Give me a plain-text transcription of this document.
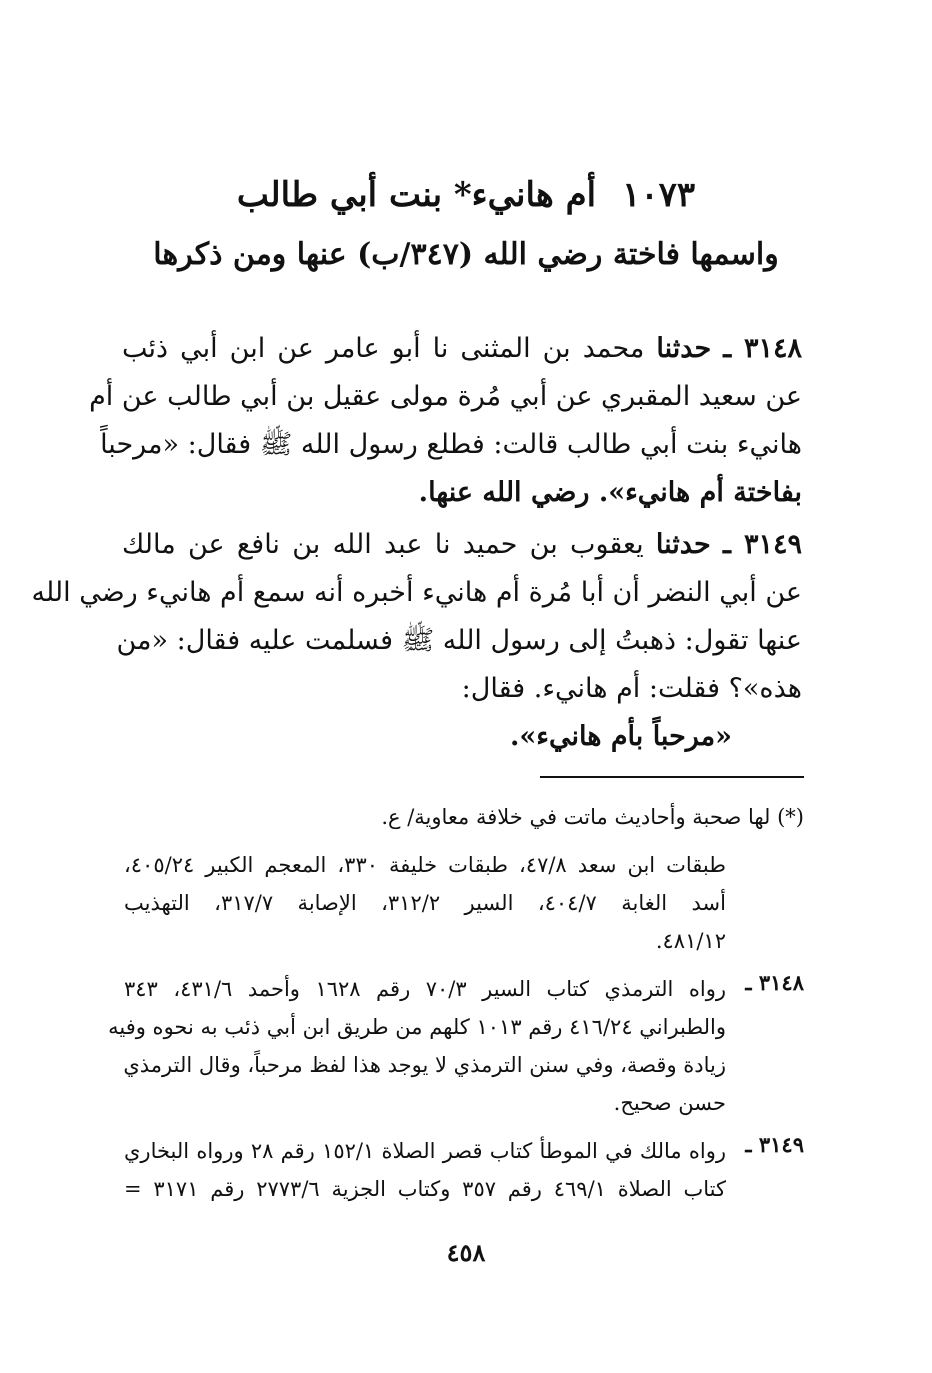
١٠٧٣أم هانيء* بنت أبي طالب
واسمها فاختة رضي الله (٣٤٧/ب) عنها ومن ذكرها
٣١٤٨ ـ حدثنا محمد بن المثنى نا أبو عامر عن ابن أبي ذئب
عن سعيد المقبري عن أبي مُرة مولى عقيل بن أبي طالب عن أم
هانيء بنت أبي طالب قالت: فطلع رسول الله ﷺ فقال: «مرحباً
بفاختة أم هانيء». رضي الله عنها.
٣١٤٩ ـ حدثنا يعقوب بن حميد نا عبد الله بن نافع عن مالك
عن أبي النضر أن أبا مُرة أم هانيء أخبره أنه سمع أم هانيء رضي الله
عنها تقول: ذهبتُ إلى رسول الله ﷺ فسلمت عليه فقال: «من
هذه»؟ فقلت: أم هانيء. فقال:
«مرحباً بأم هانيء».
(*) لها صحبة وأحاديث ماتت في خلافة معاوية/ ع.
طبقات ابن سعد ٤٧/٨، طبقات خليفة ٣٣٠، المعجم الكبير ٤٠٥/٢٤،
أسد الغابة ٤٠٤/٧، السير ٣١٢/٢، الإصابة ٣١٧/٧، التهذيب
٤٨١/١٢.
٣١٤٨ ـ
رواه الترمذي كتاب السير ٧٠/٣ رقم ١٦٢٨ وأحمد ٤٣١/٦، ٣٤٣
والطبراني ٤١٦/٢٤ رقم ١٠١٣ كلهم من طريق ابن أبي ذئب به نحوه وفيه
زيادة وقصة، وفي سنن الترمذي لا يوجد هذا لفظ مرحباً، وقال الترمذي
حسن صحيح.
٣١٤٩ ـ
رواه مالك في الموطأ كتاب قصر الصلاة ١٥٢/١ رقم ٢٨ ورواه البخاري
كتاب الصلاة ٤٦٩/١ رقم ٣٥٧ وكتاب الجزية ٢٧٧٣/٦ رقم ٣١٧١ =
٤٥٨
